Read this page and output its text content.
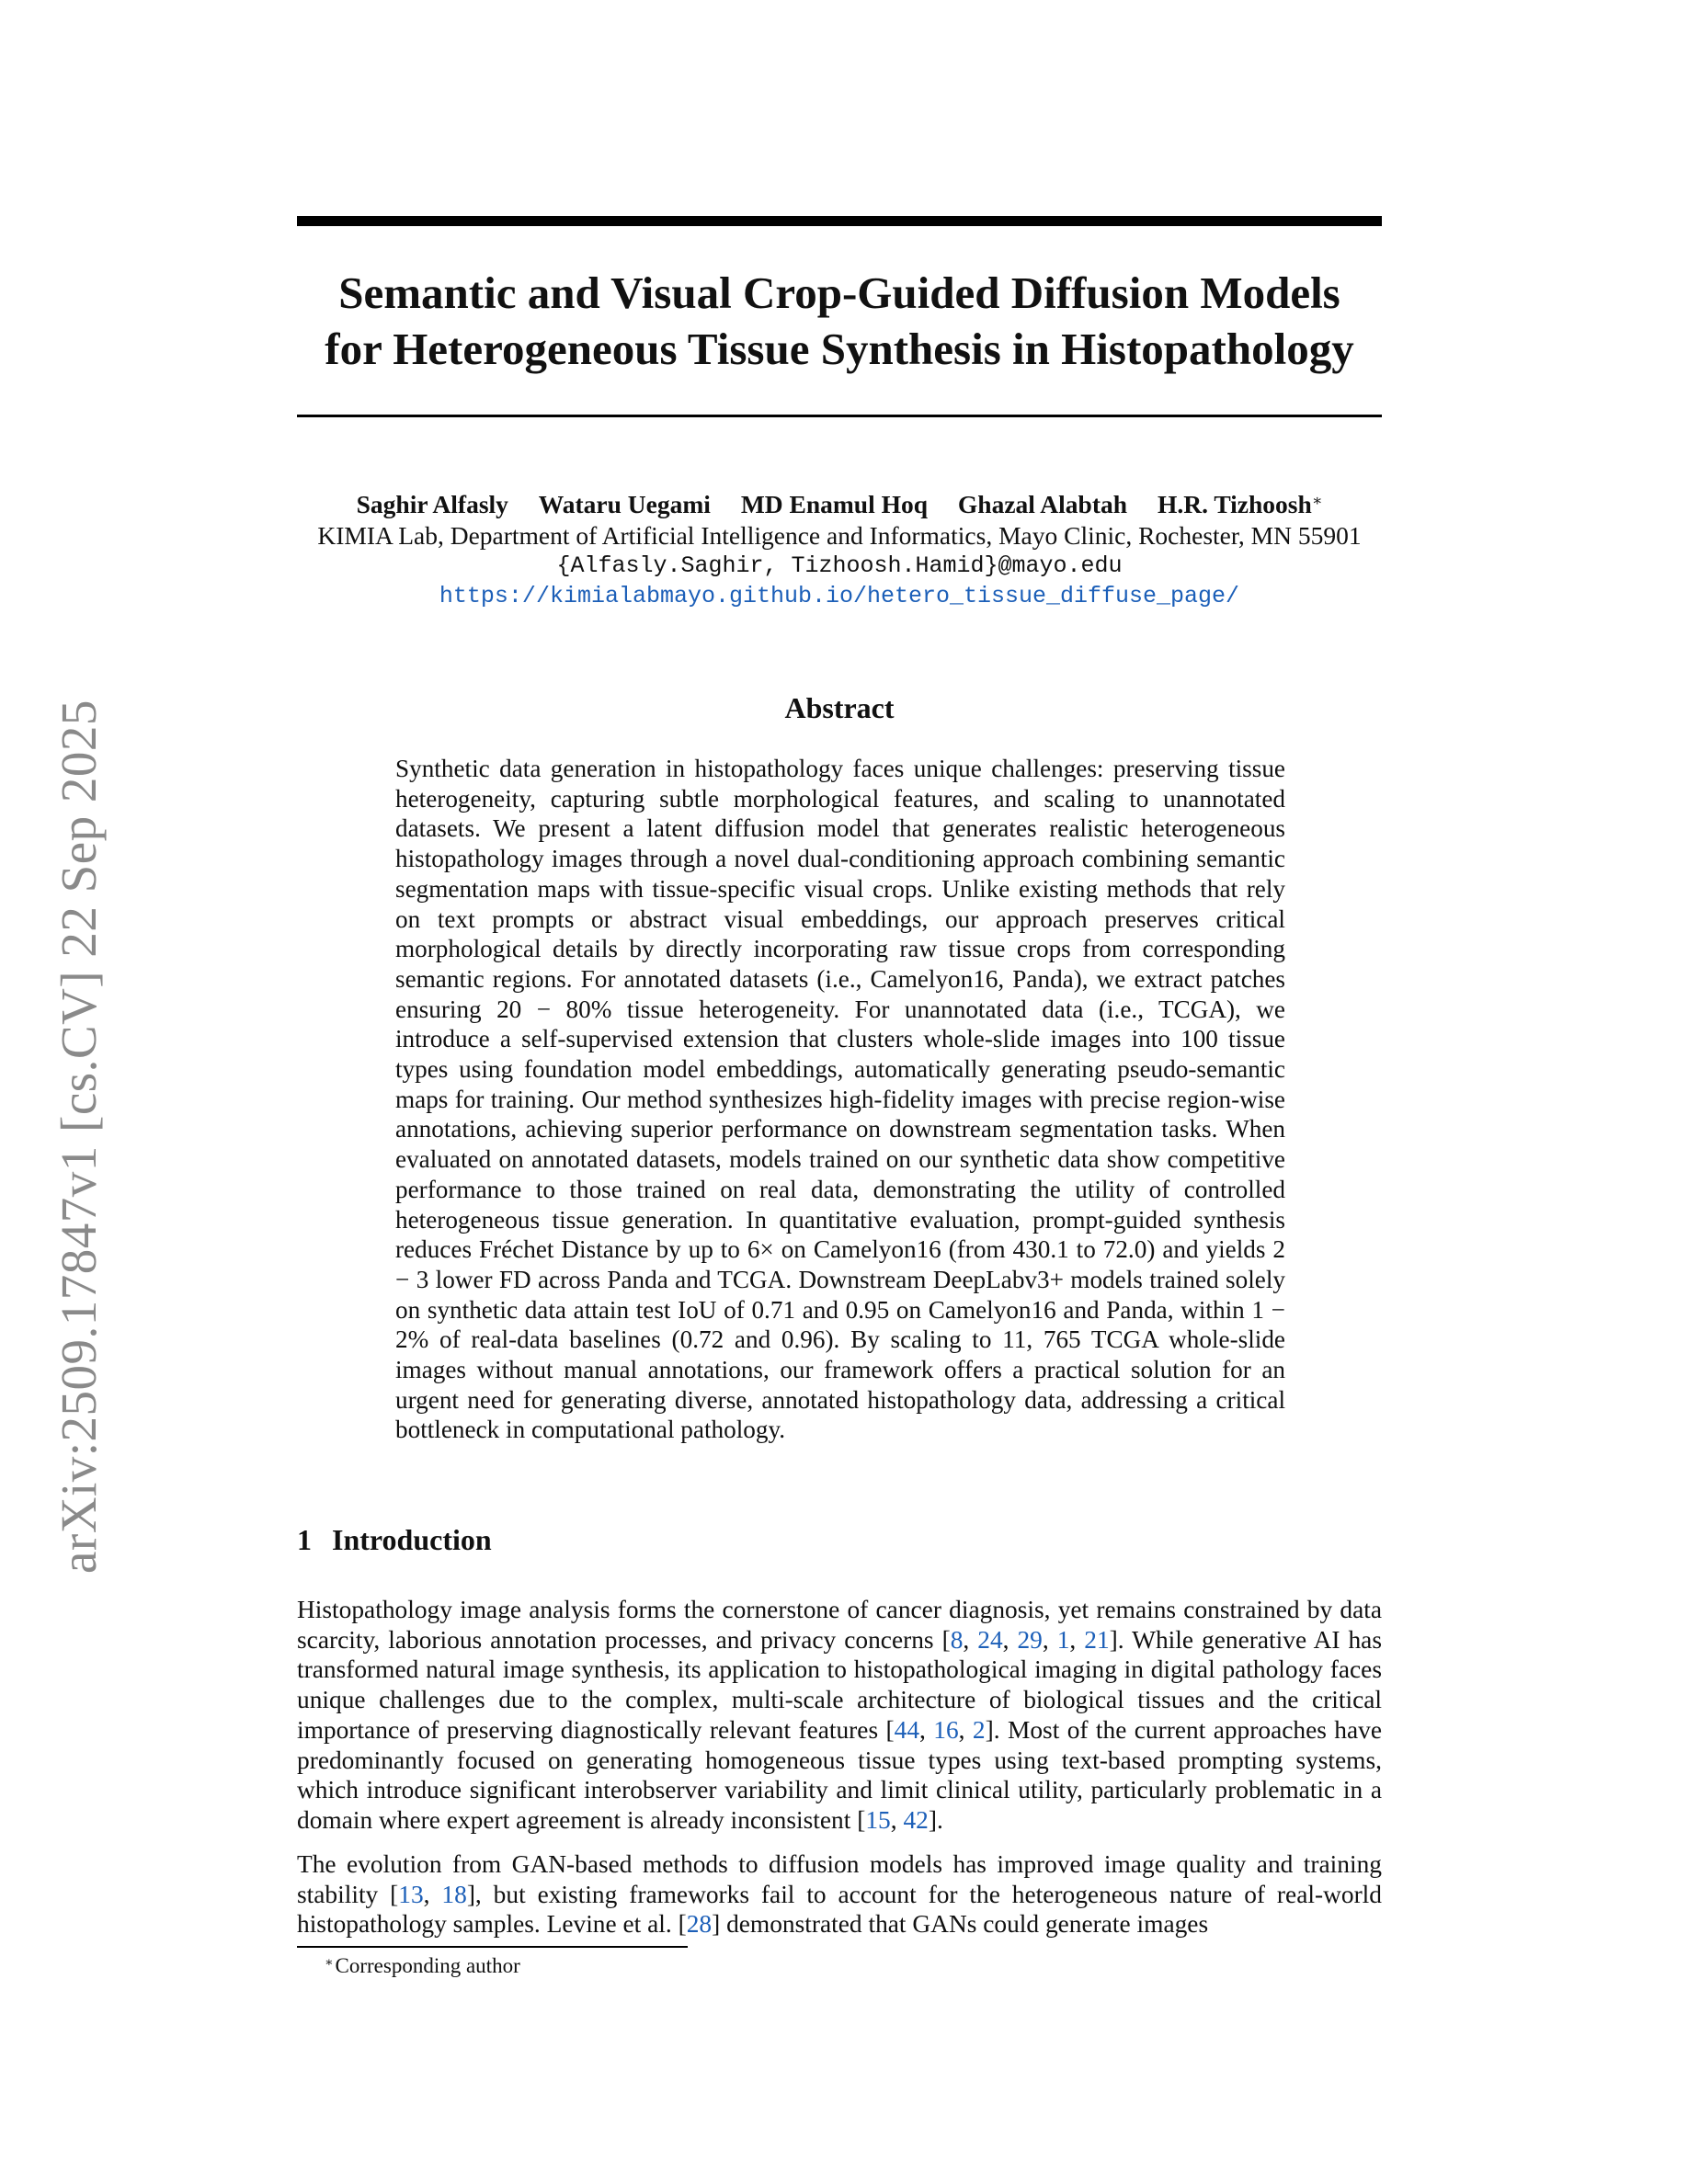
arXiv:2509.17847v1 [cs.CV] 22 Sep 2025
Semantic and Visual Crop-Guided Diffusion Models
for Heterogeneous Tissue Synthesis in Histopathology
Saghir Alfasly Wataru Uegami MD Enamul Hoq Ghazal Alabtah H.R. Tizhoosh∗
KIMIA Lab, Department of Artificial Intelligence and Informatics, Mayo Clinic, Rochester, MN 55901
{Alfasly.Saghir, Tizhoosh.Hamid}@mayo.edu
https://kimialabmayo.github.io/hetero_tissue_diffuse_page/
Abstract

Synthetic data generation in histopathology faces unique challenges: preserving tissue heterogeneity, capturing subtle morphological features, and scaling to unannotated datasets. We present a latent diffusion model that generates realistic heterogeneous histopathology images through a novel dual-conditioning approach combining semantic segmentation maps with tissue-specific visual crops. Unlike existing methods that rely on text prompts or abstract visual embeddings, our approach preserves critical morphological details by directly incorporating raw tissue crops from corresponding semantic regions. For annotated datasets (i.e., Camelyon16, Panda), we extract patches ensuring 20 − 80% tissue heterogeneity. For unannotated data (i.e., TCGA), we introduce a self-supervised extension that clusters whole-slide images into 100 tissue types using foundation model embeddings, automatically generating pseudo-semantic maps for training. Our method synthesizes high-fidelity images with precise region-wise annotations, achieving superior performance on downstream segmentation tasks. When evaluated on annotated datasets, models trained on our synthetic data show competitive performance to those trained on real data, demonstrating the utility of controlled heterogeneous tissue generation. In quantitative evaluation, prompt-guided synthesis reduces Fréchet Distance by up to 6× on Camelyon16 (from 430.1 to 72.0) and yields 2 − 3 lower FD across Panda and TCGA. Downstream DeepLabv3+ models trained solely on synthetic data attain test IoU of 0.71 and 0.95 on Camelyon16 and Panda, within 1 − 2% of real-data baselines (0.72 and 0.96). By scaling to 11, 765 TCGA whole-slide images without manual annotations, our framework offers a practical solution for an urgent need for generating diverse, annotated histopathology data, addressing a critical bottleneck in computational pathology.

1 Introduction

Histopathology image analysis forms the cornerstone of cancer diagnosis, yet remains constrained by data scarcity, laborious annotation processes, and privacy concerns [8, 24, 29, 1, 21]. While generative AI has transformed natural image synthesis, its application to histopathological imaging in digital pathology faces unique challenges due to the complex, multi-scale architecture of biological tissues and the critical importance of preserving diagnostically relevant features [44, 16, 2]. Most of the current approaches have predominantly focused on generating homogeneous tissue types using text-based prompting systems, which introduce significant interobserver variability and limit clinical utility, particularly problematic in a domain where expert agreement is already inconsistent [15, 42].

The evolution from GAN-based methods to diffusion models has improved image quality and training stability [13, 18], but existing frameworks fail to account for the heterogeneous nature of real-world histopathology samples. Levine et al. [28] demonstrated that GANs could generate images

∗Corresponding author
